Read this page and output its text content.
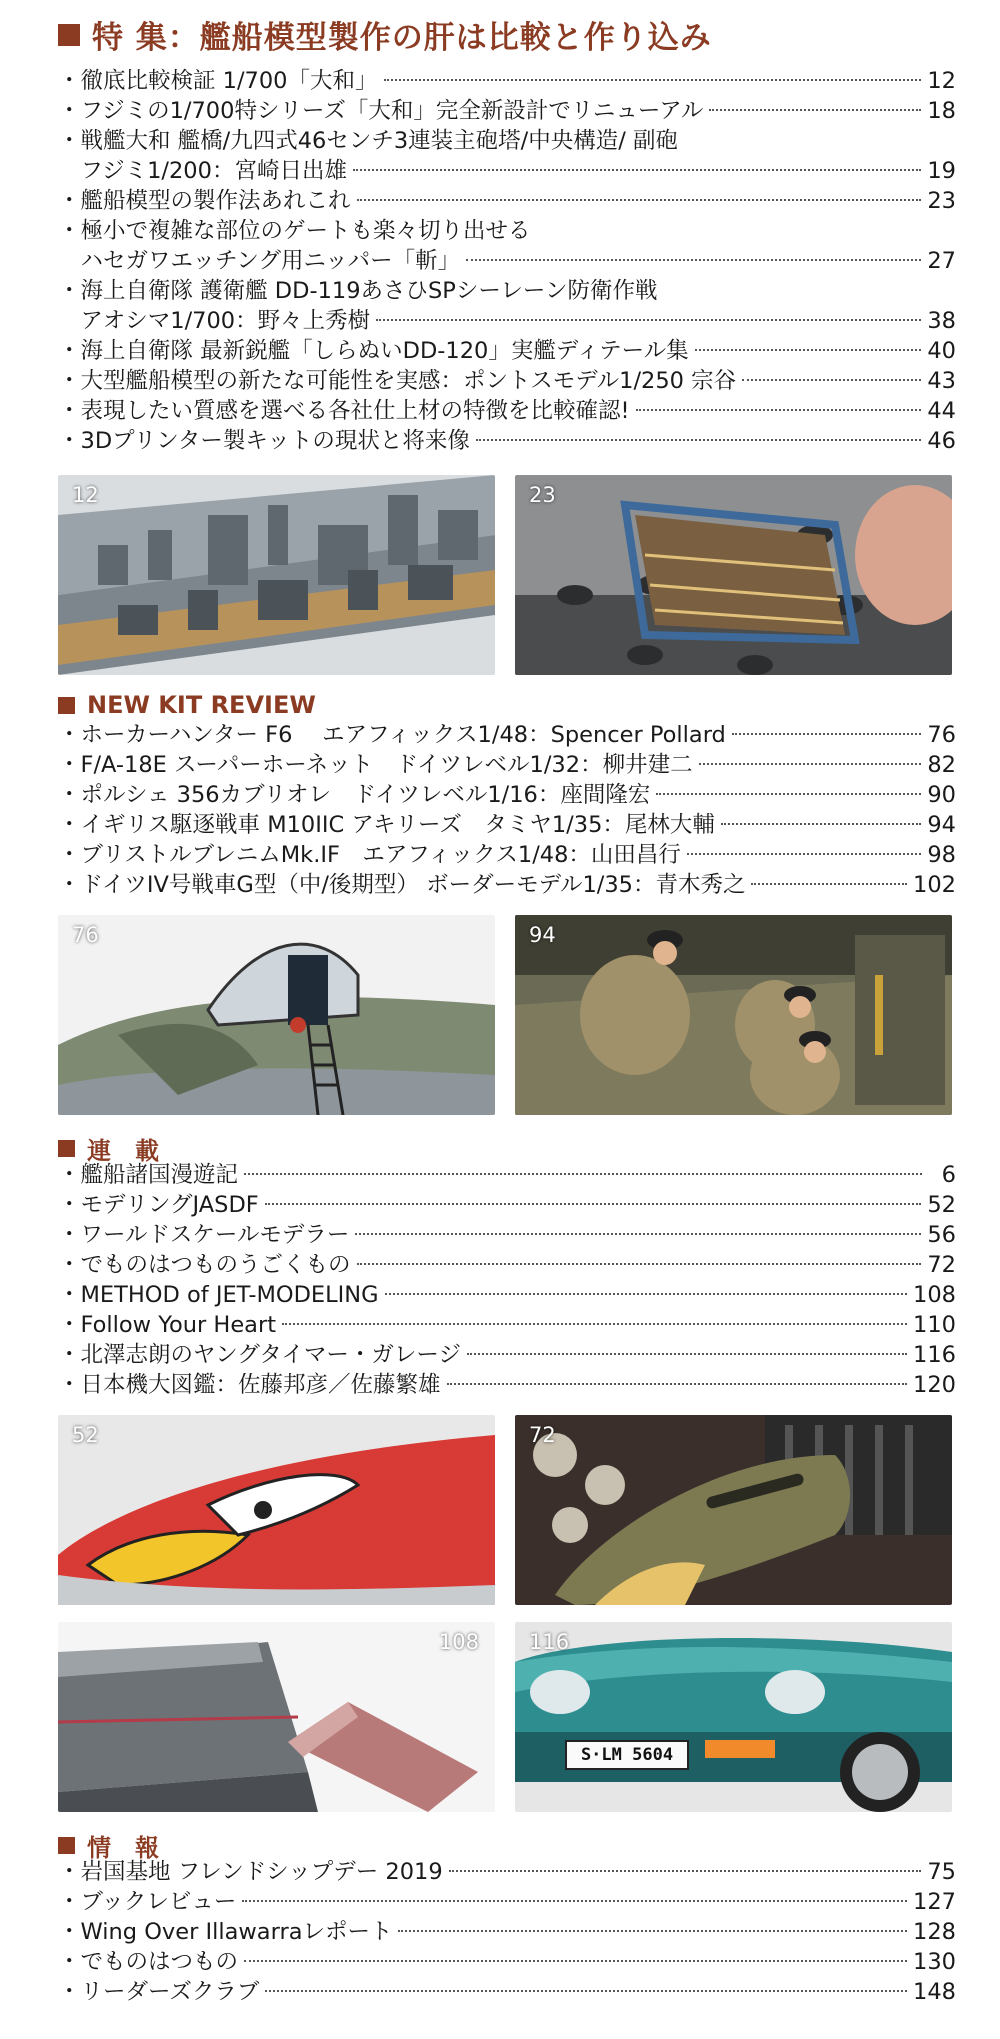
特 集：艦船模型製作の肝は比較と作り込み
・徹底比較検証 1/700「大和」	12
・フジミの1/700特シリーズ「大和」完全新設計でリニューアル	18
・戦艦大和 艦橋/九四式46センチ3連装主砲塔/中央構造/ 副砲
　フジミ1/200：宮崎日出雄	19
・艦船模型の製作法あれこれ	23
・極小で複雑な部位のゲートも楽々切り出せる
　ハセガワエッチング用ニッパー「斬」	27
・海上自衛隊 護衛艦 DD-119あさひSPシーレーン防衛作戦
　アオシマ1/700：野々上秀樹	38
・海上自衛隊 最新鋭艦「しらぬいDD-120」実艦ディテール集	40
・大型艦船模型の新たな可能性を実感：ポントスモデル1/250 宗谷	43
・表現したい質感を選べる各社仕上材の特徴を比較確認!	44
・3Dプリンター製キットの現状と将来像	46
12	23
NEW KIT REVIEW
・ホーカーハンター F6　 エアフィックス1/48：Spencer Pollard	76
・F/A-18E スーパーホーネット　ドイツレベル1/32：柳井建二	82
・ポルシェ 356カブリオレ　ドイツレベル1/16：座間隆宏	90
・イギリス駆逐戦車 M10IIC アキリーズ　タミヤ1/35：尾林大輔	94
・ブリストルブレニムMk.IF　エアフィックス1/48：山田昌行	98
・ドイツIV号戦車G型（中/後期型） ボーダーモデル1/35：青木秀之	102
76	94
連　載
・艦船諸国漫遊記	6
・モデリングJASDF	52
・ワールドスケールモデラー	56
・でものはつものうごくもの	72
・METHOD of JET-MODELING	108
・Follow Your Heart	110
・北澤志朗のヤングタイマー・ガレージ	116
・日本機大図鑑：佐藤邦彦／佐藤繁雄	120
52	72
108 116
S·LM 5604
情　報
・岩国基地 フレンドシップデー 2019	75
・ブックレビュー	127
・Wing Over Illawarraレポート	128
・でものはつもの	130
・リーダーズクラブ	148
